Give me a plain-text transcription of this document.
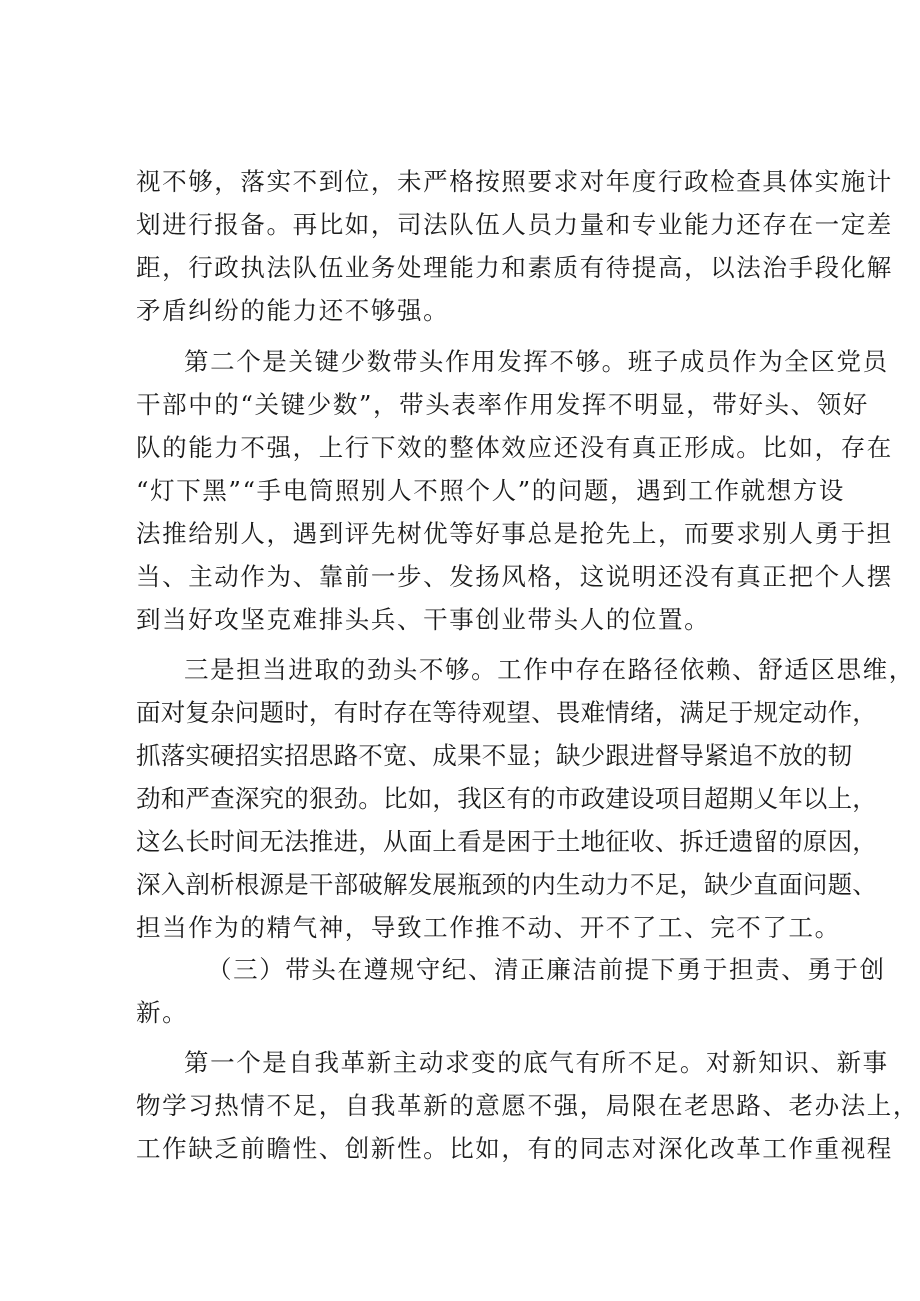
视不够，落实不到位，未严格按照要求对年度行政检查具体实施计
划进行报备。再比如，司法队伍人员力量和专业能力还存在一定差
距，行政执法队伍业务处理能力和素质有待提高，以法治手段化解
矛盾纠纷的能力还不够强。
第二个是关键少数带头作用发挥不够。班子成员作为全区党员
干部中的“关键少数”，带头表率作用发挥不明显，带好头、领好
队的能力不强，上行下效的整体效应还没有真正形成。比如，存在
“灯下黑”“手电筒照别人不照个人”的问题，遇到工作就想方设
法推给别人，遇到评先树优等好事总是抢先上，而要求别人勇于担
当、主动作为、靠前一步、发扬风格，这说明还没有真正把个人摆
到当好攻坚克难排头兵、干事创业带头人的位置。
三是担当进取的劲头不够。工作中存在路径依赖、舒适区思维，
面对复杂问题时，有时存在等待观望、畏难情绪，满足于规定动作，
抓落实硬招实招思路不宽、成果不显；缺少跟进督导紧追不放的韧
劲和严查深究的狠劲。比如，我区有的市政建设项目超期乂年以上，
这么长时间无法推进，从面上看是困于土地征收、拆迁遗留的原因，
深入剖析根源是干部破解发展瓶颈的内生动力不足，缺少直面问题、
担当作为的精气神，导致工作推不动、开不了工、完不了工。
（三）带头在遵规守纪、清正廉洁前提下勇于担责、勇于创
新。
第一个是自我革新主动求变的底气有所不足。对新知识、新事
物学习热情不足，自我革新的意愿不强，局限在老思路、老办法上，
工作缺乏前瞻性、创新性。比如，有的同志对深化改革工作重视程
